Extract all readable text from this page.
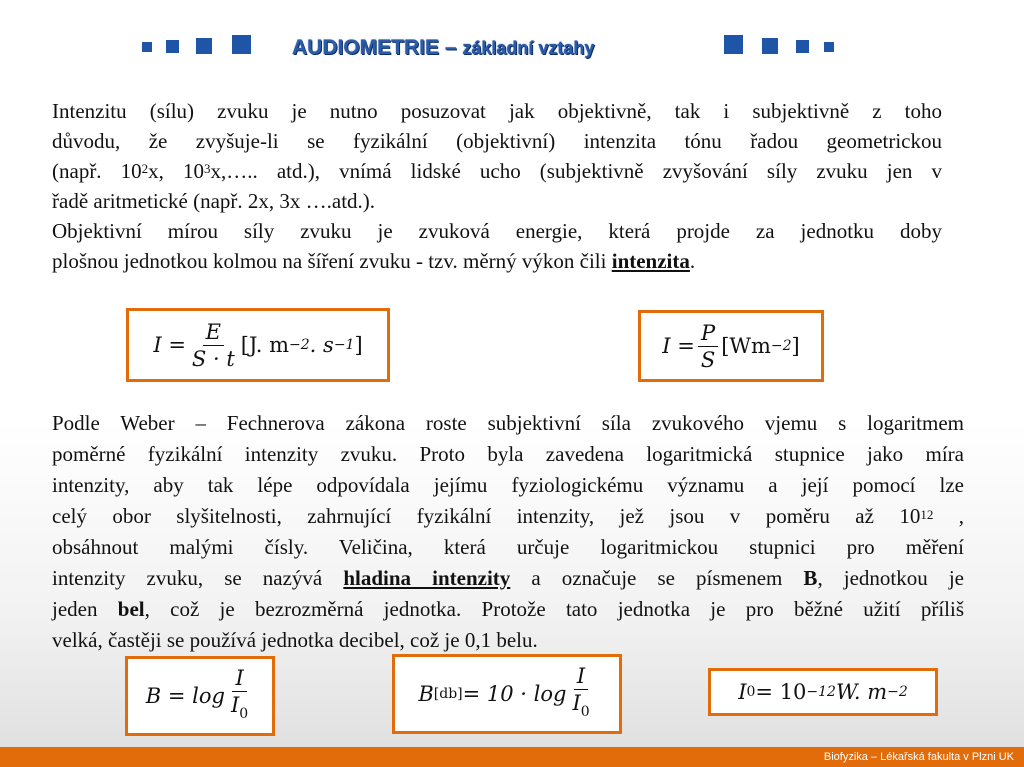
AUDIOMETRIE – základní vztahy
Intenzitu (sílu) zvuku je nutno posuzovat jak objektivně, tak i subjektivně z toho
důvodu, že zvyšuje-li se fyzikální (objektivní) intenzita tónu řadou geometrickou
(např. $10^2x$, $10^3x,\dots$.. atd.), vnímá lidské ucho (subjektivně zvyšování síly zvuku jen v
řadě aritmetické (např. 2x, 3x ….atd.).
Objektivní mírou síly zvuku je zvuková energie, která projde za jednotku doby
plošnou jednotkou kolmou na šíření zvuku - tzv. měrný výkon čili intenzita.
$I = \frac{E}{S \cdot t} [J$. m −2 . s −1 ]	$I = \frac{P}{S} [Wm -2$ ]
Podle Weber – Fechnerova zákona roste subjektivní síla zvukového vjemu s logaritmem
poměrné fyzikální intenzity zvuku. Proto byla zavedena logaritmická stupnice jako míra
intenzity, aby tak lépe odpovídala jejímu fyziologickému významu a její pomocí lze
celý obor slyšitelnosti, zahrnující fyzikální intenzity, jež jsou v poměru až $10^{12}$ ,
obsáhnout malými čísly. Veličina, která určuje logaritmickou stupnici pro měření
intenzity zvuku, se nazývá hladina intenzity a označuje se písmenem B, jednotkou je
jeden bel, což je bezrozměrná jednotka. Protože tato jednotka je pro běžné užití příliš
velká, častěji se používá jednotka decibel, což je 0,1 belu.
$B = \log \frac{I}{I_0}$	B $[db] = 10 \cdot \log \frac{I}{I_0}$	I 0 = 10 −12 W. m −2
Biofyzika – Lékařská fakulta v Plzni UK
